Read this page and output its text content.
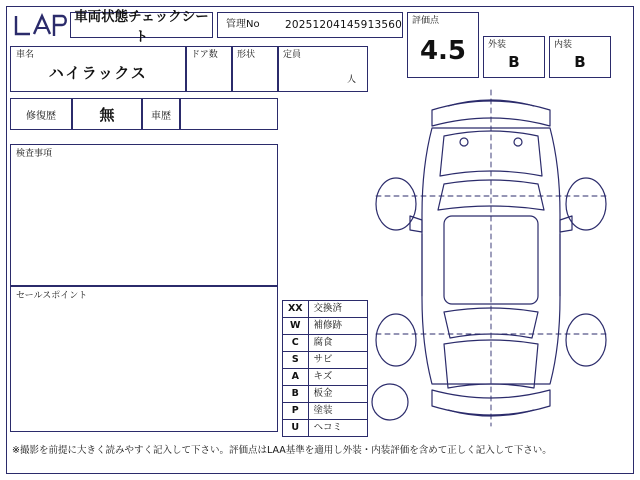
車両状態チェックシート
管理No 20251204145913560 評価点
4.5	外装
B
内装
B
車名
ハイラックス
ドア数 形状	定員
人
修復歴	無	車歴
検査事項
セールスポイント
XX	交換済
W	補修跡
C	腐食
S	サビ
A	キズ
B	板金
P	塗装
U	ヘコミ
※撮影を前提に大きく読みやすく記入して下さい。評価点はLAA基準を適用し外装・内装評価を含めて正しく記入して下さい。
